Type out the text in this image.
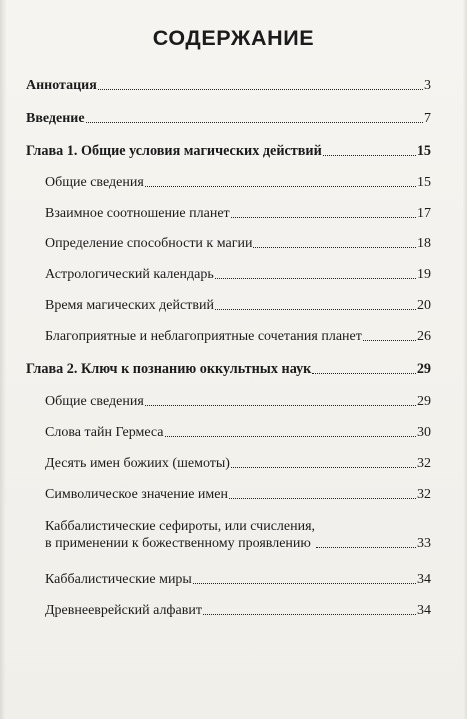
СОДЕРЖАНИЕ
Аннотация	3
Введение	7
Глава 1. Общие условия магических действий	15
Общие сведения	15
Взаимное соотношение планет	17
Определение способности к магии	18
Астрологический календарь	19
Время магических действий	20
Благоприятные и неблагоприятные сочетания планет	26
Глава 2. Ключ к познанию оккультных наук	29
Общие сведения	29
Слова тайн Гермеса	30
Десять имен божиих (шемоты)	32
Символическое значение имен	32
Каббалистические сефироты, или счисления,
в применении к божественному проявлению	33
Каббалистические миры	34
Древнееврейский алфавит	34
